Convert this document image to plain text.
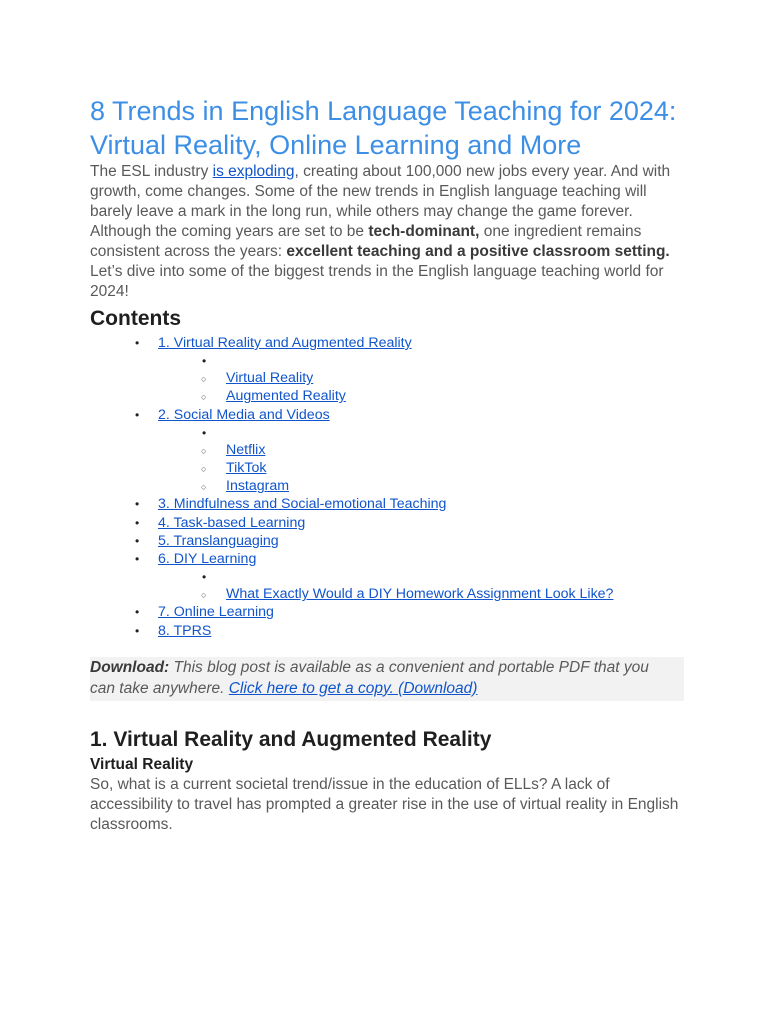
8 Trends in English Language Teaching for 2024: Virtual Reality, Online Learning and More

The ESL industry is exploding, creating about 100,000 new jobs every year. And with growth, come changes. Some of the new trends in English language teaching will barely leave a mark in the long run, while others may change the game forever.

Although the coming years are set to be tech-dominant, one ingredient remains consistent across the years: excellent teaching and a positive classroom setting.

Let’s dive into some of the biggest trends in the English language teaching world for 2024!

Contents
• 1. Virtual Reality and Augmented Reality
•
○ Virtual Reality
○ Augmented Reality
• 2. Social Media and Videos
•
○ Netflix
○ TikTok
○ Instagram
• 3. Mindfulness and Social-emotional Teaching
• 4. Task-based Learning
• 5. Translanguaging
• 6. DIY Learning
•
○ What Exactly Would a DIY Homework Assignment Look Like?
• 7. Online Learning
• 8. TPRS
Download: This blog post is available as a convenient and portable PDF that you can take anywhere. Click here to get a copy. (Download)
1. Virtual Reality and Augmented Reality
Virtual Reality

So, what is a current societal trend/issue in the education of ELLs? A lack of accessibility to travel has prompted a greater rise in the use of virtual reality in English classrooms.
